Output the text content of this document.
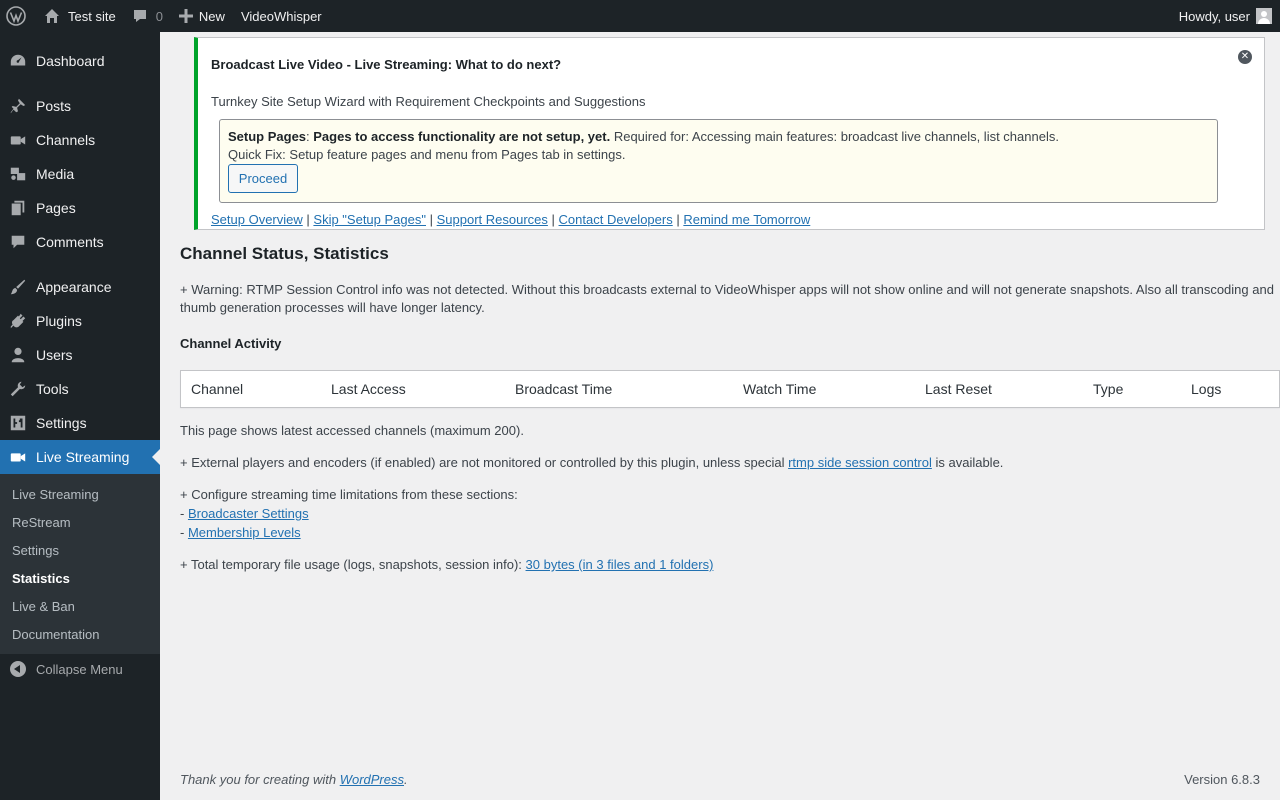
Test site	0	New VideoWhisper	Howdy, user
Dashboard
Posts
Channels
Media
Pages
Comments
Appearance
Plugins
Users
Tools
Settings
Live Streaming
Live Streaming
ReStream
Settings
Statistics
Live & Ban
Documentation
Collapse Menu
Broadcast Live Video - Live Streaming: What to do next?
✕
Turnkey Site Setup Wizard with Requirement Checkpoints and Suggestions
Setup Pages: Pages to access functionality are not setup, yet. Required for: Accessing main features: broadcast live channels, list channels.
Quick Fix: Setup feature pages and menu from Pages tab in settings.
Proceed
Setup Overview | Skip "Setup Pages" | Support Resources | Contact Developers | Remind me Tomorrow
Channel Status, Statistics

+ Warning: RTMP Session Control info was not detected. Without this broadcasts external to VideoWhisper apps will not show online and will not generate snapshots. Also all transcoding and thumb generation processes will have longer latency.

Channel Activity
Channel	Last Access	Broadcast Time	Watch Time	Last Reset	Type	Logs

This page shows latest accessed channels (maximum 200).

+ External players and encoders (if enabled) are not monitored or controlled by this plugin, unless special rtmp side session control is available.

+ Configure streaming time limitations from these sections:

- Broadcaster Settings

- Membership Levels

+ Total temporary file usage (logs, snapshots, session info): 30 bytes (in 3 files and 1 folders)

Thank you for creating with WordPress.	Version 6.8.3
